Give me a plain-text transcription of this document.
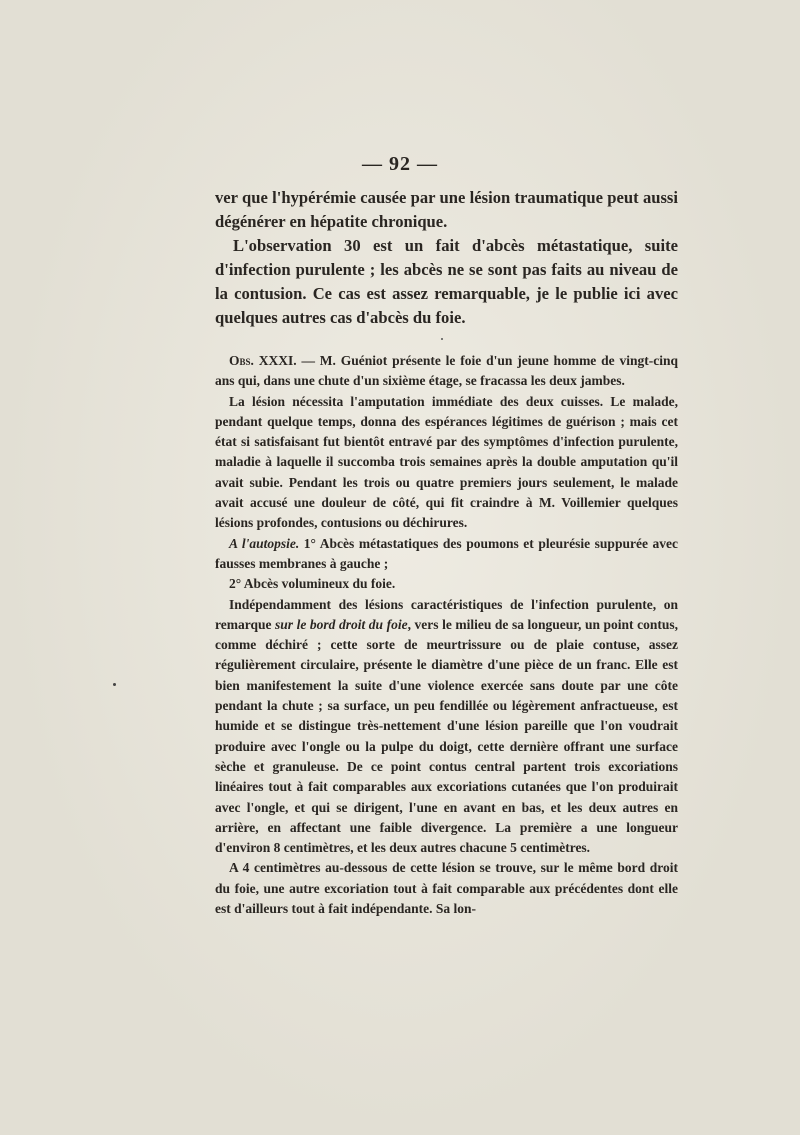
— 92 —

ver que l'hypérémie causée par une lésion traumatique peut aussi dégénérer en hépatite chronique.

L'observation 30 est un fait d'abcès métastatique, suite d'infection purulente ; les abcès ne se sont pas faits au niveau de la contusion. Ce cas est assez remarquable, je le publie ici avec quelques autres cas d'abcès du foie.

Obs. XXXI. — M. Guéniot présente le foie d'un jeune homme de vingt-cinq ans qui, dans une chute d'un sixième étage, se fracassa les deux jambes.

La lésion nécessita l'amputation immédiate des deux cuisses. Le malade, pendant quelque temps, donna des espérances légitimes de guérison ; mais cet état si satisfaisant fut bientôt entravé par des symptômes d'infection purulente, maladie à laquelle il succomba trois semaines après la double amputation qu'il avait subie. Pendant les trois ou quatre premiers jours seulement, le malade avait accusé une douleur de côté, qui fit craindre à M. Voillemier quelques lésions profondes, contusions ou déchirures.

A l'autopsie. 1° Abcès métastatiques des poumons et pleurésie suppurée avec fausses membranes à gauche ;

2° Abcès volumineux du foie.

Indépendamment des lésions caractéristiques de l'infection purulente, on remarque sur le bord droit du foie, vers le milieu de sa longueur, un point contus, comme déchiré ; cette sorte de meurtrissure ou de plaie contuse, assez régulièrement circulaire, présente le diamètre d'une pièce de un franc. Elle est bien manifestement la suite d'une violence exercée sans doute par une côte pendant la chute ; sa surface, un peu fendillée ou légèrement anfractueuse, est humide et se distingue très-nettement d'une lésion pareille que l'on voudrait produire avec l'ongle ou la pulpe du doigt, cette dernière offrant une surface sèche et granuleuse. De ce point contus central partent trois excoriations linéaires tout à fait comparables aux excoriations cutanées que l'on produirait avec l'ongle, et qui se dirigent, l'une en avant en bas, et les deux autres en arrière, en affectant une faible divergence. La première a une longueur d'environ 8 centimètres, et les deux autres chacune 5 centimètres.

A 4 centimètres au-dessous de cette lésion se trouve, sur le même bord droit du foie, une autre excoriation tout à fait comparable aux précédentes dont elle est d'ailleurs tout à fait indépendante. Sa lon-
